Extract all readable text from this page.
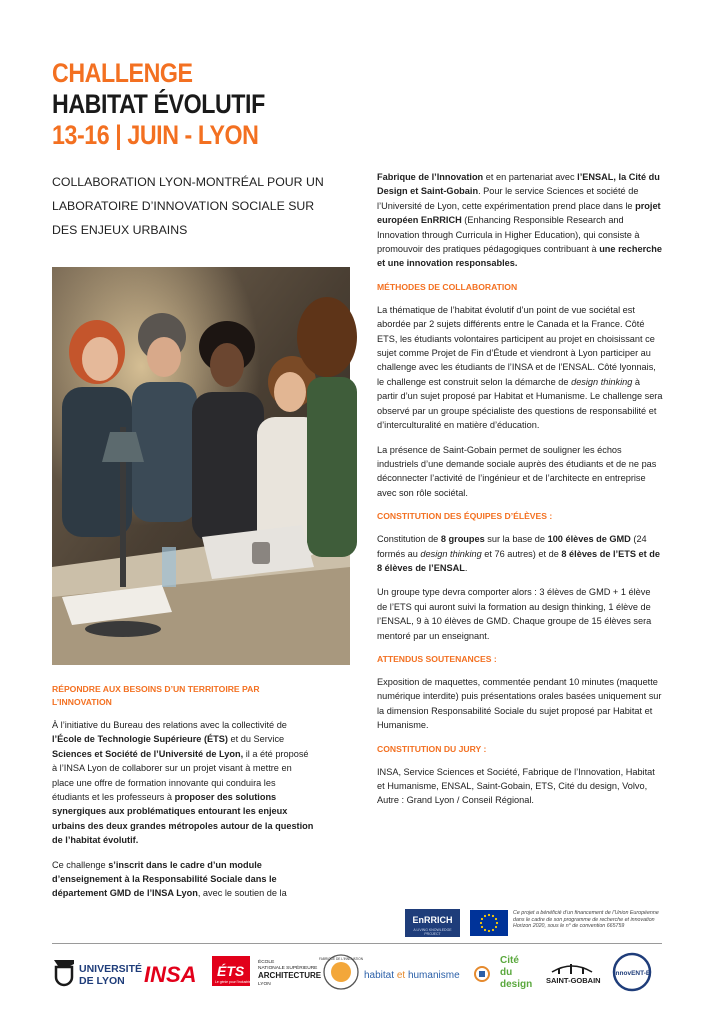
CHALLENGE
HABITAT ÉVOLUTIF
13-16 | JUIN - LYON
COLLABORATION LYON-MONTRÉAL POUR UN LABORATOIRE D’INNOVATION SOCIALE SUR DES ENJEUX URBAINS
RÉPONDRE AUX BESOINS D’UN TERRITOIRE PAR L’INNOVATION

À l’initiative du Bureau des relations avec la collectivité de l’École de Technologie Supérieure (ÉTS) et du Service Sciences et Société de l’Université de Lyon, il a été proposé à l’INSA Lyon de collaborer sur un projet visant à mettre en place une offre de formation innovante qui conduira les étudiants et les professeurs à proposer des solutions synergiques aux problématiques entourant les enjeux urbains des deux grandes métropoles autour de la question de l’habitat évolutif.

Ce challenge s’inscrit dans le cadre d’un module d’enseignement à la Responsabilité Sociale dans le département GMD de l’INSA Lyon, avec le soutien de la

Fabrique de l’Innovation et en partenariat avec l’ENSAL, la Cité du Design et Saint-Gobain. Pour le service Sciences et société de l’Université de Lyon, cette expérimentation prend place dans le projet européen EnRRICH (Enhancing Responsible Research and Innovation through Curricula in Higher Education), qui consiste à promouvoir des pratiques pédagogiques contribuant à une recherche et une innovation responsables.

MÉTHODES DE COLLABORATION

La thématique de l’habitat évolutif d’un point de vue sociétal est abordée par 2 sujets différents entre le Canada et la France. Côté ETS, les étudiants volontaires participent au projet en choisissant ce sujet comme Projet de Fin d’Étude et viendront à Lyon participer au challenge avec les étudiants de l’INSA et de l’ENSAL. Côté lyonnais, le challenge est construit selon la démarche de design thinking à partir d’un sujet proposé par Habitat et Humanisme. Le challenge sera observé par un groupe spécialiste des questions de responsabilité et d’interculturalité en matière d’éducation.

La présence de Saint-Gobain permet de souligner les échos industriels d’une demande sociale auprès des étudiants et de ne pas déconnecter l’activité de l’ingénieur et de l’architecte en entreprise avec son rôle sociétal.

CONSTITUTION DES ÉQUIPES D’ÉLÈVES :

Constitution de 8 groupes sur la base de 100 élèves de GMD (24 formés au design thinking et 76 autres) et de 8 élèves de l’ETS et de 8 élèves de l’ENSAL.

Un groupe type devra comporter alors : 3 élèves de GMD + 1 élève de l’ETS qui auront suivi la formation au design thinking, 1 élève de l’ENSAL, 9 à 10 élèves de GMD. Chaque groupe de 15 élèves sera mentoré par un enseignant.

ATTENDUS SOUTENANCES :

Exposition de maquettes, commentée pendant 10 minutes (maquette numérique interdite) puis présentations orales basées uniquement sur la dimension Responsabilité Sociale du sujet proposé par Habitat et Humanisme.

CONSTITUTION DU JURY :

INSA, Service Sciences et Société, Fabrique de l’Innovation, Habitat et Humanisme, ENSAL, Saint-Gobain, ETS, Cité du design, Volvo, Autre : Grand Lyon / Conseil Régional.

EnRRICH
A LIVING KNOWLEDGE PROJECT
Ce projet a bénéficié d’un financement de l’Union Européenne dans le cadre de son programme de recherche et innovation Horizon 2020, sous le n° de convention 665759
UNIVERSITÉ
DE LYON INSA ÉTS
Le génie pour l'industrie
ÉCOLE
NATIONALE SUPÉRIEURE
ARCHITECTURE
LYON
FABRIQUE DE L'INNOVATION
habitat et humanisme
Cité
du
design SAINT-GOBAIN
InnovENT-E
